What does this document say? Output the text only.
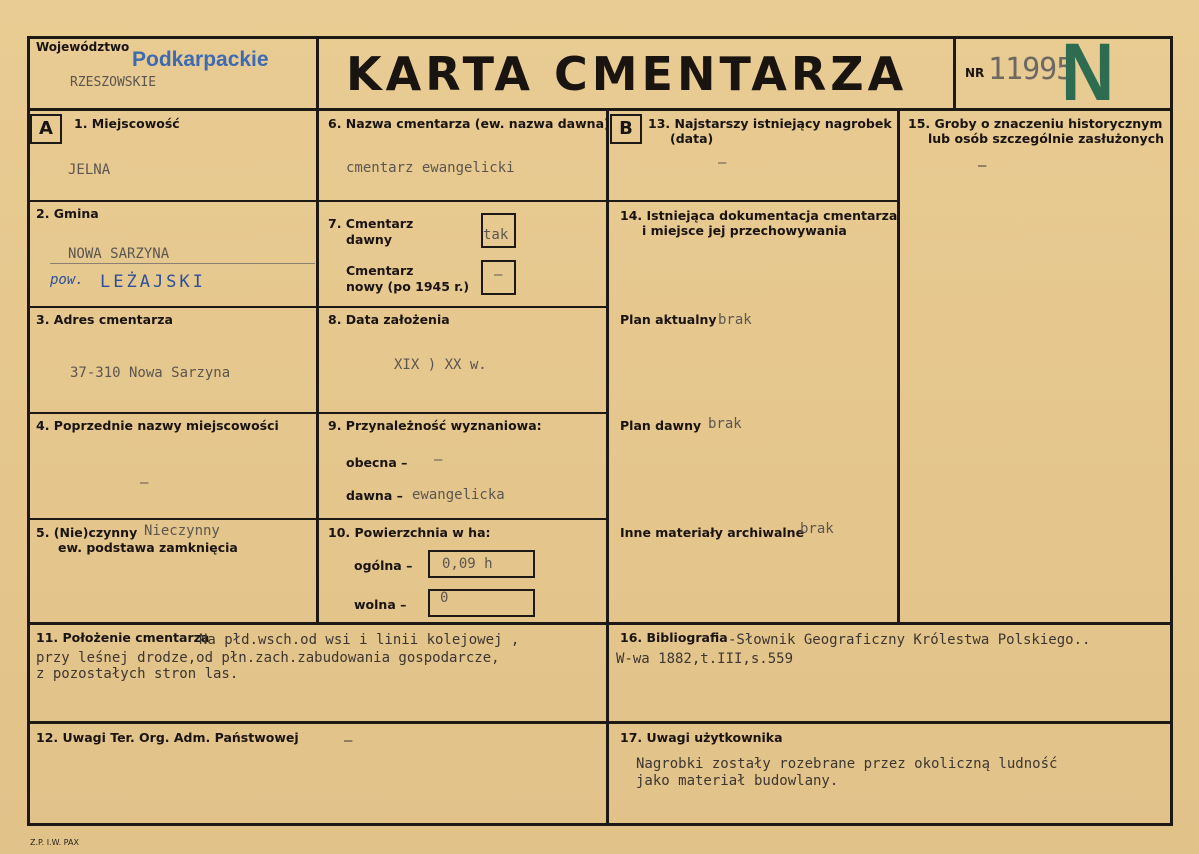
Województwo
Podkarpackie
RZESZOWSKIE	KARTA CMENTARZA	NR 11995
N
A	B
1. Miejscowość
JELNA
2. Gmina
NOWA SARZYNA
pow. LEŻAJSKI
3. Adres cmentarza
37-310 Nowa Sarzyna
4. Poprzednie nazwy miejscowości
–
5. (Nie)czynny Nieczynny
ew. podstawa zamknięcia
6. Nazwa cmentarza (ew. nazwa dawna)
cmentarz ewangelicki
7. Cmentarz
dawny	tak
Cmentarz
nowy (po 1945 r.)
–
8. Data założenia
XIX ) XX w.
9. Przynależność wyznaniowa:
obecna – –
dawna – ewangelicka
10. Powierzchnia w ha:
ogólna – 0,09 h
wolna – 0
11. Położenie cmentarza
Na płd.wsch.od wsi i linii kolejowej ,
przy leśnej drodze,od płn.zach.zabudowania gospodarcze,
z pozostałych stron las.
12. Uwagi Ter. Org. Adm. Państwowej	—
13. Najstarszy istniejący nagrobek
(data)
–
14. Istniejąca dokumentacja cmentarza
i miejsce jej przechowywania
Plan aktualny brak
Plan dawny brak
Inne materiały archiwalne
brak
15. Groby o znaczeniu historycznym
lub osób szczególnie zasłużonych
—
16. Bibliografia -Słownik Geograficzny Królestwa Polskiego..
W-wa 1882,t.III,s.559
17. Uwagi użytkownika
Nagrobki zostały rozebrane przez okoliczną ludność
jako materiał budowlany.
Z.P. I.W. PAX
